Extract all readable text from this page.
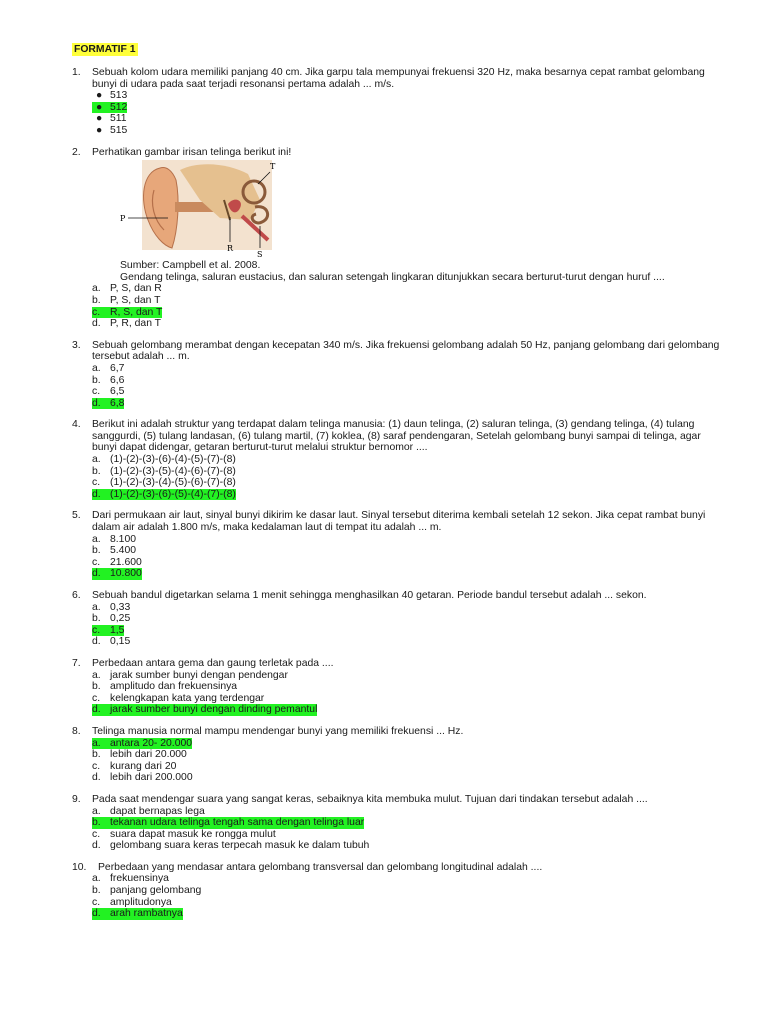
FORMATIF 1
1.	Sebuah kolom udara memiliki panjang 40 cm. Jika garpu tala mempunyai frekuensi 320 Hz, maka besarnya cepat rambat gelombang bunyi di udara pada saat terjadi resonansi pertama adalah ... m/s.
● 513
● 512
● 511
● 515
2.	Perhatikan gambar irisan telinga berikut ini!
P
R
S
T
Sumber: Campbell et al. 2008.
Gendang telinga, saluran eustacius, dan saluran setengah lingkaran ditunjukkan secara berturut-turut dengan huruf ....
a. P, S, dan R
b. P, S, dan T
c. R, S, dan T
d. P, R, dan T
3.	Sebuah gelombang merambat dengan kecepatan 340 m/s. Jika frekuensi gelombang adalah 50 Hz, panjang gelombang dari gelombang tersebut adalah ... m.
a. 6,7
b. 6,6
c. 6,5
d. 6,8
4.	Berikut ini adalah struktur yang terdapat dalam telinga manusia: (1) daun telinga, (2) saluran telinga, (3) gendang telinga, (4) tulang sanggurdi, (5) tulang landasan, (6) tulang martil, (7) koklea, (8) saraf pendengaran, Setelah gelombang bunyi sampai di telinga, agar bunyi dapat didengar, getaran berturut-turut melalui struktur bernomor ....
a. (1)-(2)-(3)-(6)-(4)-(5)-(7)-(8)
b. (1)-(2)-(3)-(5)-(4)-(6)-(7)-(8)
c. (1)-(2)-(3)-(4)-(5)-(6)-(7)-(8)
d. (1)-(2)-(3)-(6)-(5)-(4)-(7)-(8)
5.	Dari permukaan air laut, sinyal bunyi dikirim ke dasar laut. Sinyal tersebut diterima kembali setelah 12 sekon. Jika cepat rambat bunyi dalam air adalah 1.800 m/s, maka kedalaman laut di tempat itu adalah ... m.
a. 8.100
b. 5.400
c. 21.600
d. 10.800
6.	Sebuah bandul digetarkan selama 1 menit sehingga menghasilkan 40 getaran. Periode bandul tersebut adalah ... sekon.
a. 0,33
b. 0,25
c. 1,5
d. 0,15
7.	Perbedaan antara gema dan gaung terletak pada ....
a. jarak sumber bunyi dengan pendengar
b. amplitudo dan frekuensinya
c. kelengkapan kata yang terdengar
d. jarak sumber bunyi dengan dinding pemantul
8.	Telinga manusia normal mampu mendengar bunyi yang memiliki frekuensi ... Hz.
a. antara 20- 20.000
b. lebih dari 20.000
c. kurang dari 20
d. lebih dari 200.000
9.	Pada saat mendengar suara yang sangat keras, sebaiknya kita membuka mulut. Tujuan dari tindakan tersebut adalah ....
a. dapat bernapas lega
b. tekanan udara telinga tengah sama dengan telinga luar
c. suara dapat masuk ke rongga mulut
d. gelombang suara keras terpecah masuk ke dalam tubuh
10.	Perbedaan yang mendasar antara gelombang transversal dan gelombang longitudinal adalah ....
a. frekuensinya
b. panjang gelombang
c. amplitudonya
d. arah rambatnya
